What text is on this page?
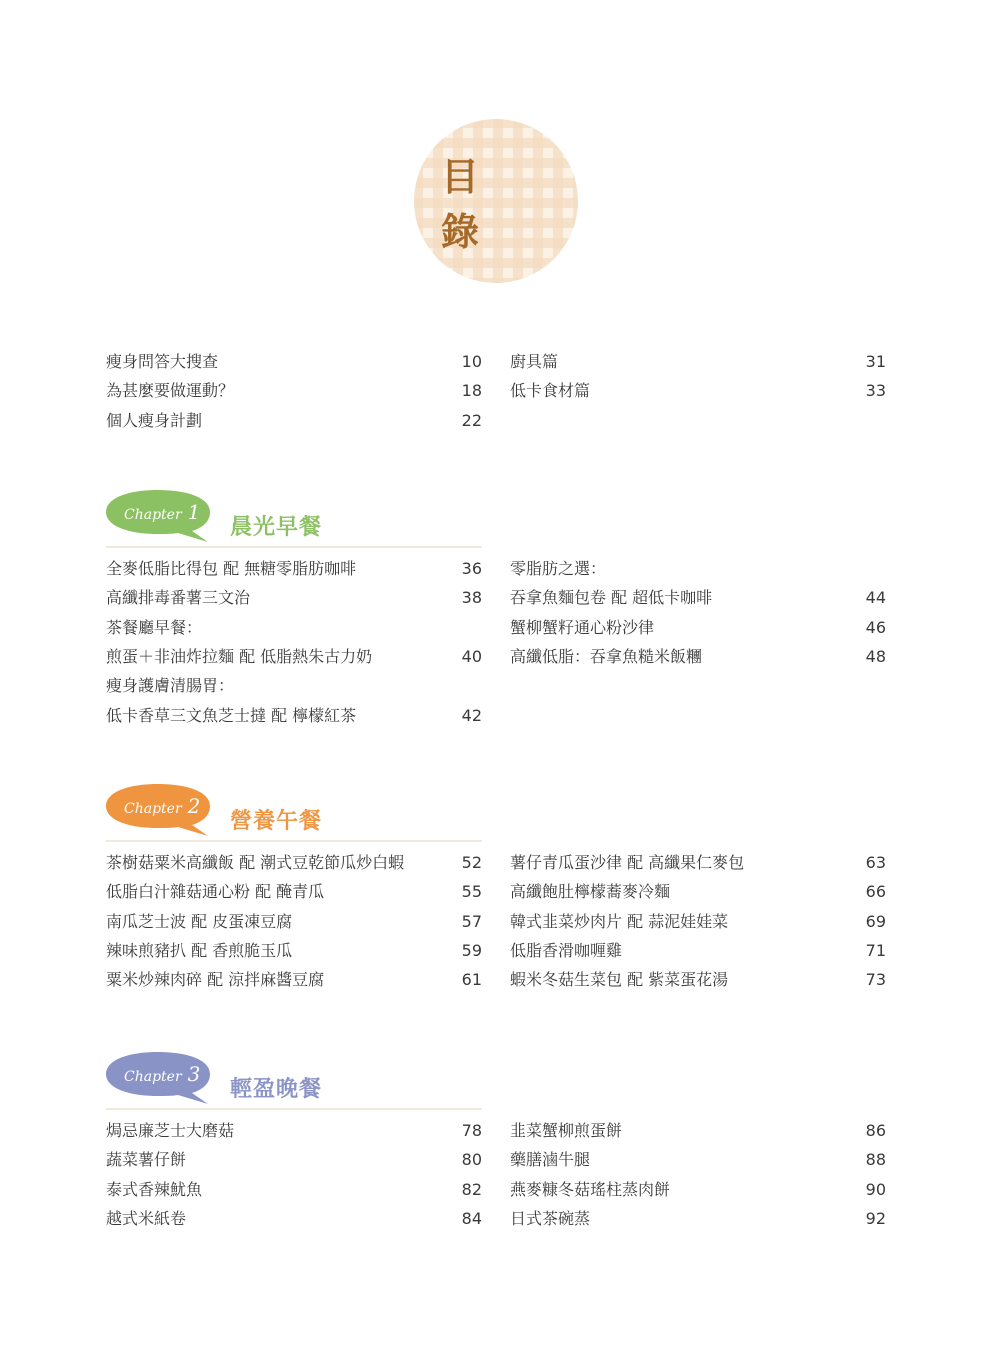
目 錄
瘦身問答大搜查	10
為甚麼要做運動？	18
個人瘦身計劃	22
廚具篇	31
低卡食材篇	33
Chapter 1
晨光早餐
全麥低脂比得包 配 無糖零脂肪咖啡	36
高纖排毒番薯三文治	38
茶餐廳早餐：
煎蛋＋非油炸拉麵 配 低脂熱朱古力奶	40
瘦身護膚清腸胃：
低卡香草三文魚芝士撻 配 檸檬紅茶	42
零脂肪之選：
吞拿魚麵包卷 配 超低卡咖啡	44
蟹柳蟹籽通心粉沙律	46
高纖低脂：吞拿魚糙米飯糰	48
Chapter 2
營養午餐
茶樹菇粟米高纖飯 配 潮式豆乾節瓜炒白蝦	52
低脂白汁雜菇通心粉 配 醃青瓜	55
南瓜芝士波 配 皮蛋凍豆腐	57
辣味煎豬扒 配 香煎脆玉瓜	59
粟米炒辣肉碎 配 涼拌麻醬豆腐	61
薯仔青瓜蛋沙律 配 高纖果仁麥包	63
高纖飽肚檸檬蕎麥冷麵	66
韓式韭菜炒肉片 配 蒜泥娃娃菜	69
低脂香滑咖喱雞	71
蝦米冬菇生菜包 配 紫菜蛋花湯	73
Chapter 3
輕盈晚餐
焗忌廉芝士大磨菇	78
蔬菜薯仔餅	80
泰式香辣魷魚	82
越式米紙卷	84
韭菜蟹柳煎蛋餅	86
藥膳滷牛腿	88
燕麥糠冬菇瑤柱蒸肉餅	90
日式茶碗蒸	92
